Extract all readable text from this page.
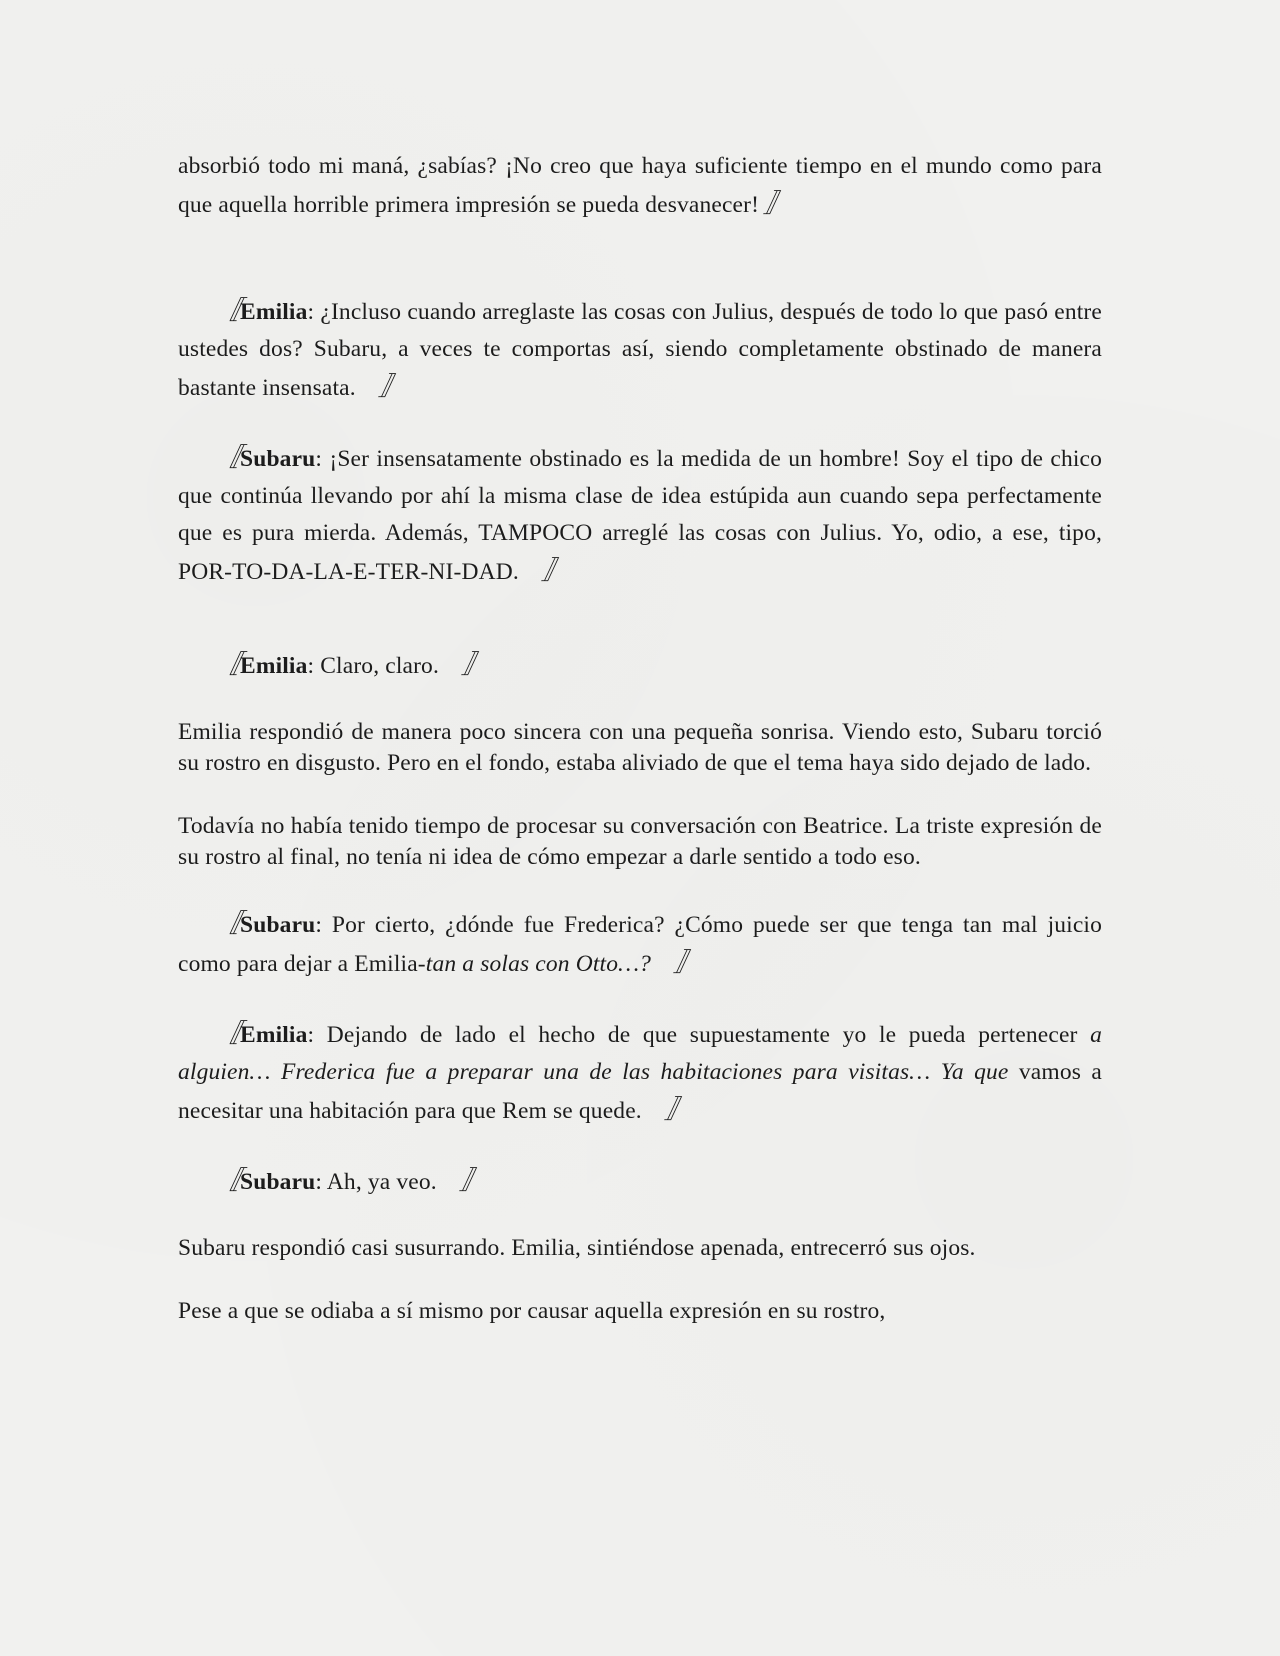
absorbió todo mi maná, ¿sabías? ¡No creo que haya suficiente tiempo en el mundo como para que aquella horrible primera impresión se pueda desvanecer! 〛

〚Emilia: ¿Incluso cuando arreglaste las cosas con Julius, después de todo lo que pasó entre ustedes dos? Subaru, a veces te comportas así, siendo completamente obstinado de manera bastante insensata. 〛

〚Subaru: ¡Ser insensatamente obstinado es la medida de un hombre! Soy el tipo de chico que continúa llevando por ahí la misma clase de idea estúpida aun cuando sepa perfectamente que es pura mierda. Además, TAMPOCO arreglé las cosas con Julius. Yo, odio, a ese, tipo, POR-TO-DA-LA-E-TER-NI-DAD. 〛

〚Emilia: Claro, claro. 〛

Emilia respondió de manera poco sincera con una pequeña sonrisa. Viendo esto, Subaru torció su rostro en disgusto. Pero en el fondo, estaba aliviado de que el tema haya sido dejado de lado.

Todavía no había tenido tiempo de procesar su conversación con Beatrice. La triste expresión de su rostro al final, no tenía ni idea de cómo empezar a darle sentido a todo eso.

〚Subaru: Por cierto, ¿dónde fue Frederica? ¿Cómo puede ser que tenga tan mal juicio como para dejar a Emilia-tan a solas con Otto…? 〛

〚Emilia: Dejando de lado el hecho de que supuestamente yo le pueda pertenecer a alguien… Frederica fue a preparar una de las habitaciones para visitas… Ya que vamos a necesitar una habitación para que Rem se quede. 〛

〚Subaru: Ah, ya veo. 〛

Subaru respondió casi susurrando. Emilia, sintiéndose apenada, entrecerró sus ojos.

Pese a que se odiaba a sí mismo por causar aquella expresión en su rostro,
